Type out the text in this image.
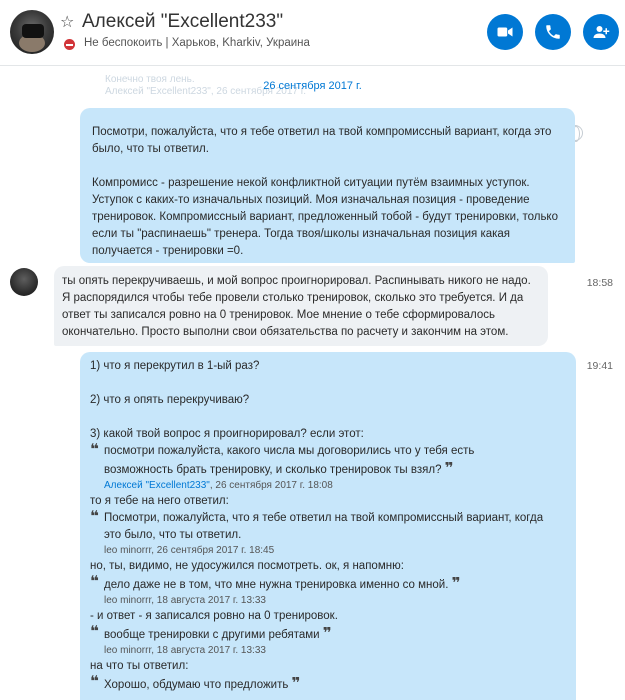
☆ Алексей "Excellent233"
Не беспокоить | Харьков, Kharkiv, Украина
Конечно твоя лень.
Алексей "Excellent233", 26 сентября 2017 г.
26 сентября 2017 г.
Посмотри, пожалуйста, что я тебе ответил на твой компромиссный вариант, когда это
было, что ты ответил.

Компромисс - разрешение некой конфликтной ситуации путём взаимных уступок.
Уступок с каких-то изначальных позиций. Моя изначальная позиция - проведение
тренировок. Компромиссный вариант, предложенный тобой - будут тренировки, только
если ты "распинаешь" тренера. Тогда твоя/школы изначальная позиция какая
получается - тренировки =0.
ты опять перекручиваешь, и мой вопрос проигнорировал. Распинывать никого не надо.
Я распорядился чтобы тебе провели столько тренировок, сколько это требуется. И да
ответ ты записался ровно на 0 тренировок. Мое мнение о тебе сформировалось
окончательно. Просто выполни свои обязательства по расчету и закончим на этом.
18:58
1) что я перекрутил в 1-ый раз?
2) что я опять перекручиваю?
3) какой твой вопрос я проигнорировал? если этот:
❝ посмотри пожалуйста, какого числа мы договорились что у тебя есть
возможность брать тренировку, и сколько тренировок ты взял? ❞
Алексей "Excellent233", 26 сентября 2017 г. 18:08
то я тебе на него ответил:
❝ Посмотри, пожалуйста, что я тебе ответил на твой компромиссный вариант, когда
это было, что ты ответил.
leo minorrr, 26 сентября 2017 г. 18:45
но, ты, видимо, не удосужился посмотреть. ок, я напомню:
❝ дело даже не в том, что мне нужна тренировка именно со мной. ❞
leo minorrr, 18 августа 2017 г. 13:33
- и ответ - я записался ровно на 0 тренировок.
❝ вообще тренировки с другими ребятами ❞
leo minorrr, 18 августа 2017 г. 13:33
на что ты ответил:
❝ Хорошо, обдумаю что предложить ❞
19:41
